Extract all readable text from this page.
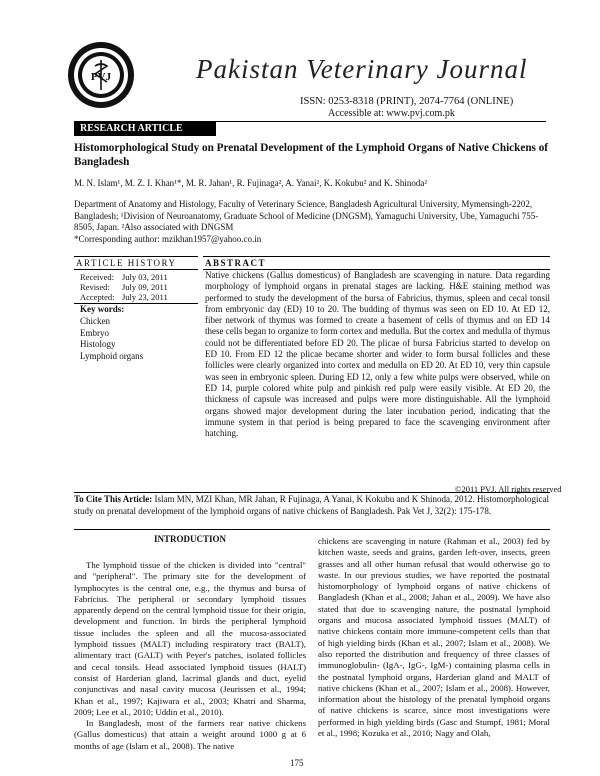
PVJ	Pakistan Veterinary Journal
ISSN: 0253-8318 (PRINT), 2074-7764 (ONLINE)
Accessible at: www.pvj.com.pk
RESEARCH ARTICLE
Histomorphological Study on Prenatal Development of the Lymphoid Organs of Native Chickens of Bangladesh
M. N. Islam¹, M. Z. I. Khan¹*, M. R. Jahan¹, R. Fujinaga², A. Yanai², K. Kokubu² and K. Shinoda²
Department of Anatomy and Histology, Faculty of Veterinary Science, Bangladesh Agricultural University, Mymensingh-2202, Bangladesh; ¹Division of Neuroanatomy, Graduate School of Medicine (DNGSM), Yamaguchi University, Ube, Yamaguchi 755-8505, Japan. ²Also associated with DNGSM
*Corresponding author: mzikhan1957@yahoo.co.in
ARTICLE HISTORY
Received: July 03, 2011
Revised: July 09, 2011
Accepted: July 23, 2011
Key words:
Chicken
Embryo
Histology
Lymphoid organs
ABSTRACT
Native chickens (Gallus domesticus) of Bangladesh are scavenging in nature. Data regarding morphology of lymphoid organs in prenatal stages are lacking. H&E staining method was performed to study the development of the bursa of Fabricius, thymus, spleen and cecal tonsil from embryonic day (ED) 10 to 20. The budding of thymus was seen on ED 10. At ED 12, fiber network of thymus was formed to create a basement of cells of thymus and on ED 14 these cells began to organize to form cortex and medulla. But the cortex and medulla of thymus could not be differentiated before ED 20. The plicae of bursa Fabricius started to develop on ED 10. From ED 12 the plicae became shorter and wider to form bursal follicles and these follicles were clearly organized into cortex and medulla on ED 20. At ED 10, very thin capsule was seen in embryonic spleen. During ED 12, only a few white pulps were observed, while on ED 14, purple colored white pulp and pinkish red pulp were easily visible. At ED 20, the thickness of capsule was increased and pulps were more distinguishable. All the lymphoid organs showed major development during the later incubation period, indicating that the immune system in that period is being prepared to face the scavenging environment after hatching.
©2011 PVJ. All rights reserved
To Cite This Article: Islam MN, MZI Khan, MR Jahan, R Fujinaga, A Yanai, K Kokubu and K Shinoda, 2012. Histomorphological study on prenatal development of the lymphoid organs of native chickens of Bangladesh. Pak Vet J, 32(2): 175-178.
INTRODUCTION

The lymphoid tissue of the chicken is divided into "central" and "peripheral". The primary site for the development of lymphocytes is the central one, e.g., the thymus and bursa of Fabricius. The peripheral or secondary lymphoid tissues apparently depend on the central lymphoid tissue for their origin, development and function. In birds the peripheral lymphoid tissue includes the spleen and all the mucosa-associated lymphoid tissues (MALT) including respiratory tract (BALT), alimentary tract (GALT) with Peyer's patches, isolated follicles and cecal tonsils. Head associated lymphoid tissues (HALT) consist of Harderian gland, lacrimal glands and duct, eyelid conjunctivas and nasal cavity mucosa (Jeurissen et al., 1994; Khan et al., 1997; Kajiwara et al., 2003; Khatri and Sharma, 2009; Lee et al., 2010; Uddin et al., 2010).

In Bangladesh, most of the farmers rear native chickens (Gallus domesticus) that attain a weight around 1000 g at 6 months of age (Islam et al., 2008). The native

chickens are scavenging in nature (Rahman et al., 2003) fed by kitchen waste, seeds and grains, garden left-over, insects, green grasses and all other human refusal that would otherwise go to waste. In our previous studies, we have reported the postnatal histomorphology of lymphoid organs of native chickens of Bangladesh (Khan et al., 2008; Jahan et al., 2009). We have also stated that due to scavenging nature, the postnatal lymphoid organs and mucosa associated lymphoid tissues (MALT) of native chickens contain more immune-competent cells than that of high yielding birds (Khan et al., 2007; Islam et al., 2008). We also reported the distribution and frequency of three classes of immunoglobulin- (IgA-, IgG-, IgM-) containing plasma cells in the postnatal lymphoid organs, Harderian gland and MALT of native chickens (Khan et al., 2007; Islam et al., 2008). However, information about the histology of the prenatal lymphoid organs of native chickens is scarce, since most investigations were performed in high yielding birds (Gasc and Stumpf, 1981; Moral et al., 1998; Kozuka et al., 2010; Nagy and Olah,

175
